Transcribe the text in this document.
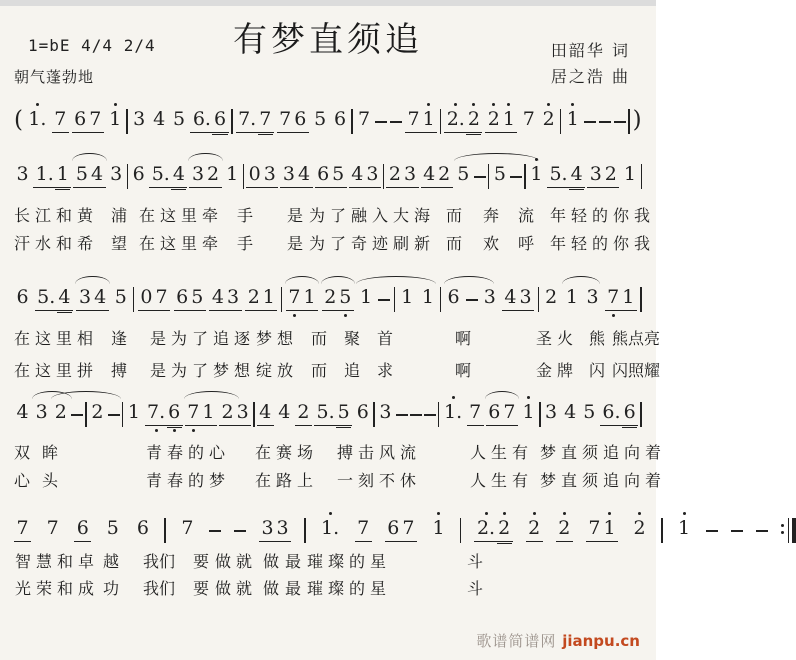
有梦直须追
1=bE 4/4 2/4	田韶华 词
居之浩 曲
朝气蓬勃地
( 1. 7 6 7 1 3 4 5 6. 6 7. 7 7 6 5 6 7 7 1 2. 2 2 1 7 2 1 )
3 1. 1 5 4 3 6 5. 4 3 2 1 0 3 3 4 6 5 4 3 2 3 4 2 5 5 1 5. 4 3 2 1
6 5. 4 3 4 5 0 7 6 5 4 3 2 1 7 1 2 5 1 1 1 6 3 4 3 2 1 3 7 1
4 3 2 2 1 7. 6 7 1 2 3 4 4 2 5. 5 6 3	1. 7 6 7 1 3 4 5 6. 6
7 7 6 5 6 7	3 3 1. 7 6 7 1 2. 2 2 2 7 1 2 1
长江和黄 浦 在这里牵 手 是 为了 融入 大海 而 奔 流 年轻的你 我
汗水和希 望 在这里牵 手 是 为了 奇迹 刷新 而 欢 呼 年轻的你 我
在这里相 逢 是 为了 追逐 梦想 而 聚 首	啊	圣火 熊 熊点亮
在这里拼 搏 是 为了 梦想 绽放 而 追 求	啊	金牌 闪 闪照耀
双 眸	青春的心 在赛场 搏击风流	人生有 梦 直须追向着
心 头	青春的梦 在路上 一刻不休	人生有 梦 直须追向着
智慧和卓 越 我们 要 做就 做 最 璀璨的星	斗
光荣和成 功 我们 要 做就 做 最 璀璨的星	斗
歌谱简谱网 jianpu.cn
